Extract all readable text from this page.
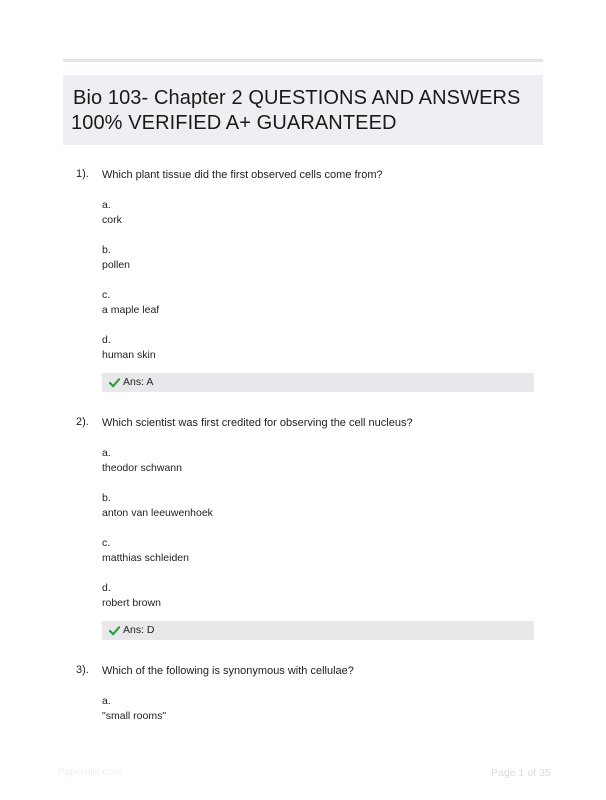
Bio 103- Chapter 2 QUESTIONS AND ANSWERS
100% VERIFIED A+ GUARANTEED
1). Which plant tissue did the first observed cells come from?
a.
cork
b.
pollen
c.
a maple leaf
d.
human skin
Ans: A
2). Which scientist was first credited for observing the cell nucleus?
a.
theodor schwann
b.
anton van leeuwenhoek
c.
matthias schleiden
d.
robert brown
Ans: D
3). Which of the following is synonymous with cellulae?
a.
"small rooms"
Paperblic.com	Page 1 of 35
